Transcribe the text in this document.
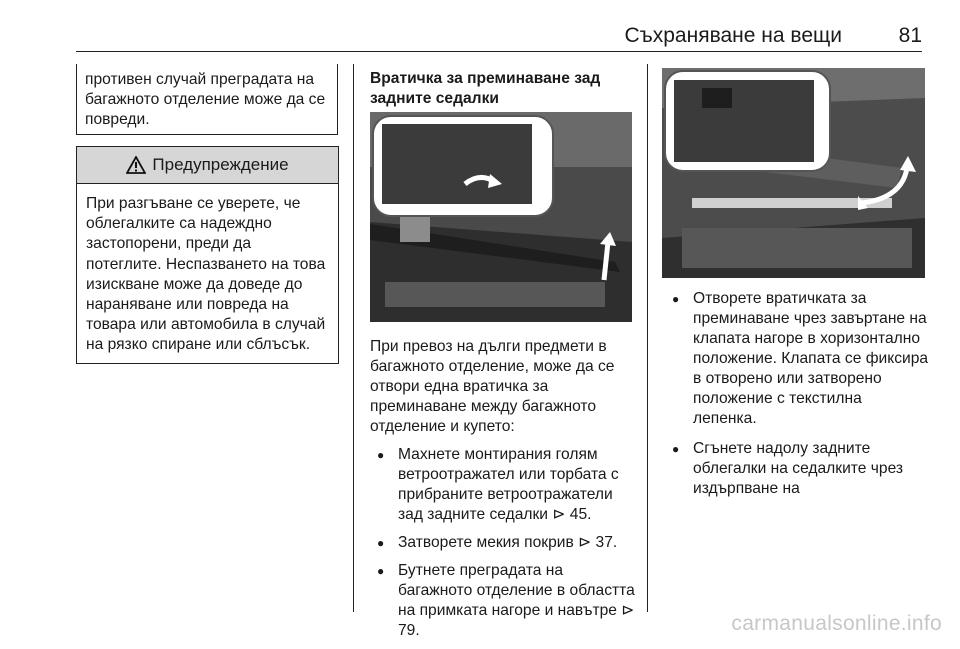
Съхраняване на вещи	81

противен случай преградата на багажното отделение може да се повреди.

Предупреждение
При разгъване се уверете, че облегалките са надеждно застопорени, преди да потеглите. Неспазването на това изискване може да доведе до нараняване или повреда на товара или автомобила в случай на рязко спиране или сблъсък.
Вратичка за преминаване зад задните седалки

При превоз на дълги предмети в багажното отделение, може да се отвори една вратичка за преминаване между багажното отделение и купето:

● Махнете монтирания голям ветроотражател или торбата с прибраните ветроотражатели зад задните седалки ⊳ 45.
● Затворете мекия покрив ⊳ 37.
● Бутнете преградата на багажното отделение в областта на примката нагоре и навътре ⊳ 79.
● Отворете вратичката за преминаване чрез завъртане на клапата нагоре в хоризонтално положение. Клапата се фиксира в отворено или затворено положение с текстилна лепенка.
● Сгънете надолу задните облегалки на седалките чрез издърпване на
carmanualsonline.info
